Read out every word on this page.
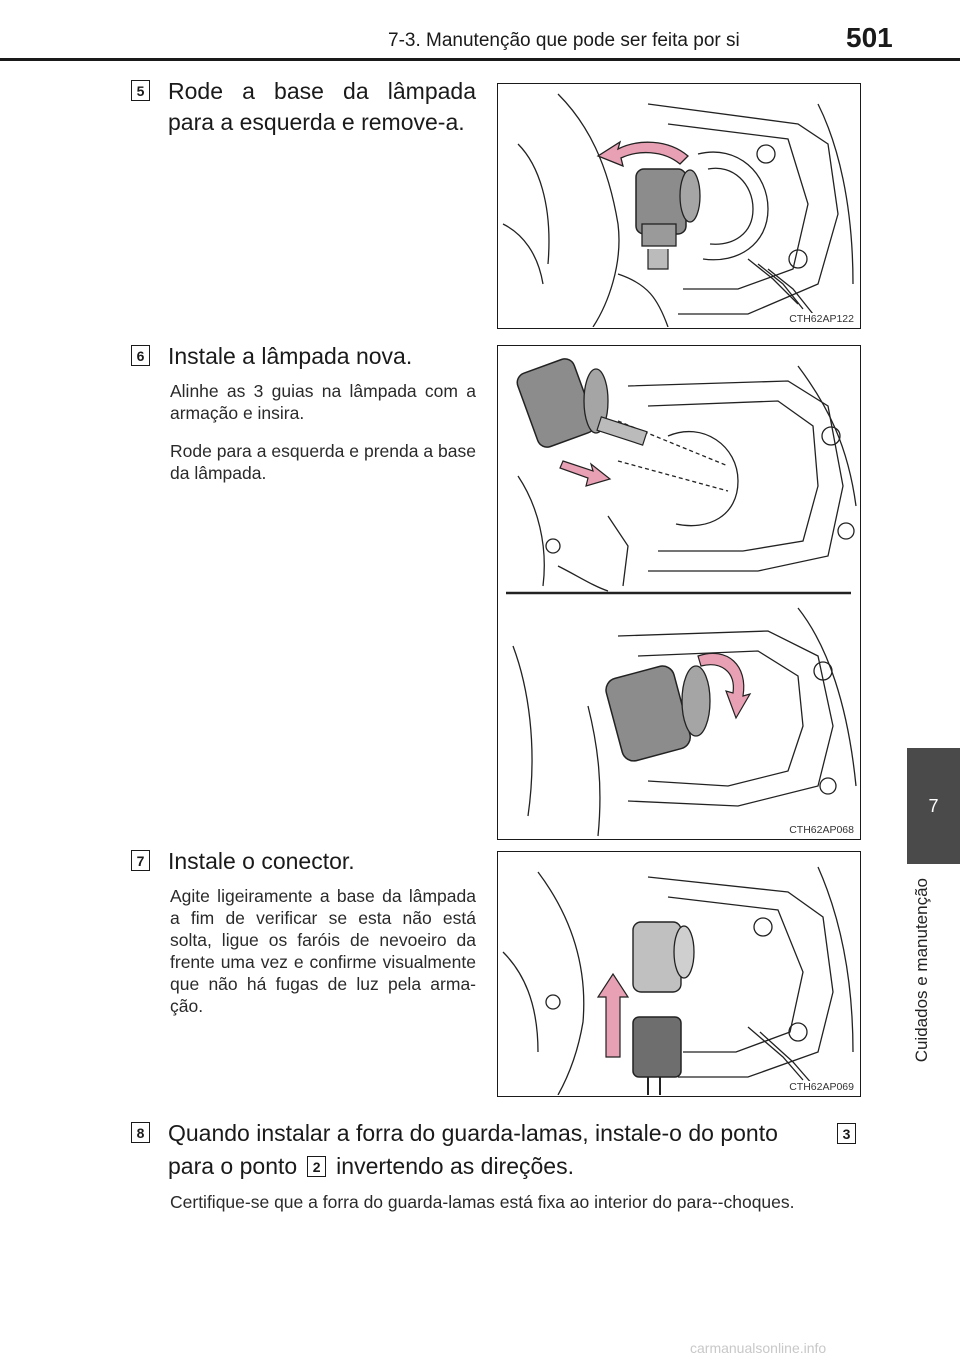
7-3. Manutenção que pode ser feita por si	501
7
Cuidados e manutenção
5 Rode a base da lâmpada para a esquerda e remove-a.
CTH62AP122
6 Instale a lâmpada nova.
Alinhe as 3 guias na lâmpada com a armação e insira.
Rode para a esquerda e prenda a base da lâmpada.
CTH62AP068
7 Instale o conector.
Agite ligeiramente a base da lâmpada a fim de verificar se esta não está solta, ligue os faróis de nevoeiro da frente uma vez e confirme visualmente que não há fugas de luz pela arma-ção.
CTH62AP069
8 Quando instalar a forra do guarda-lamas, instale-o do ponto	3
para o ponto	2 invertendo as direções.
Certifique-se que a forra do guarda-lamas está fixa ao interior do para--choques.
carmanualsonline.info
